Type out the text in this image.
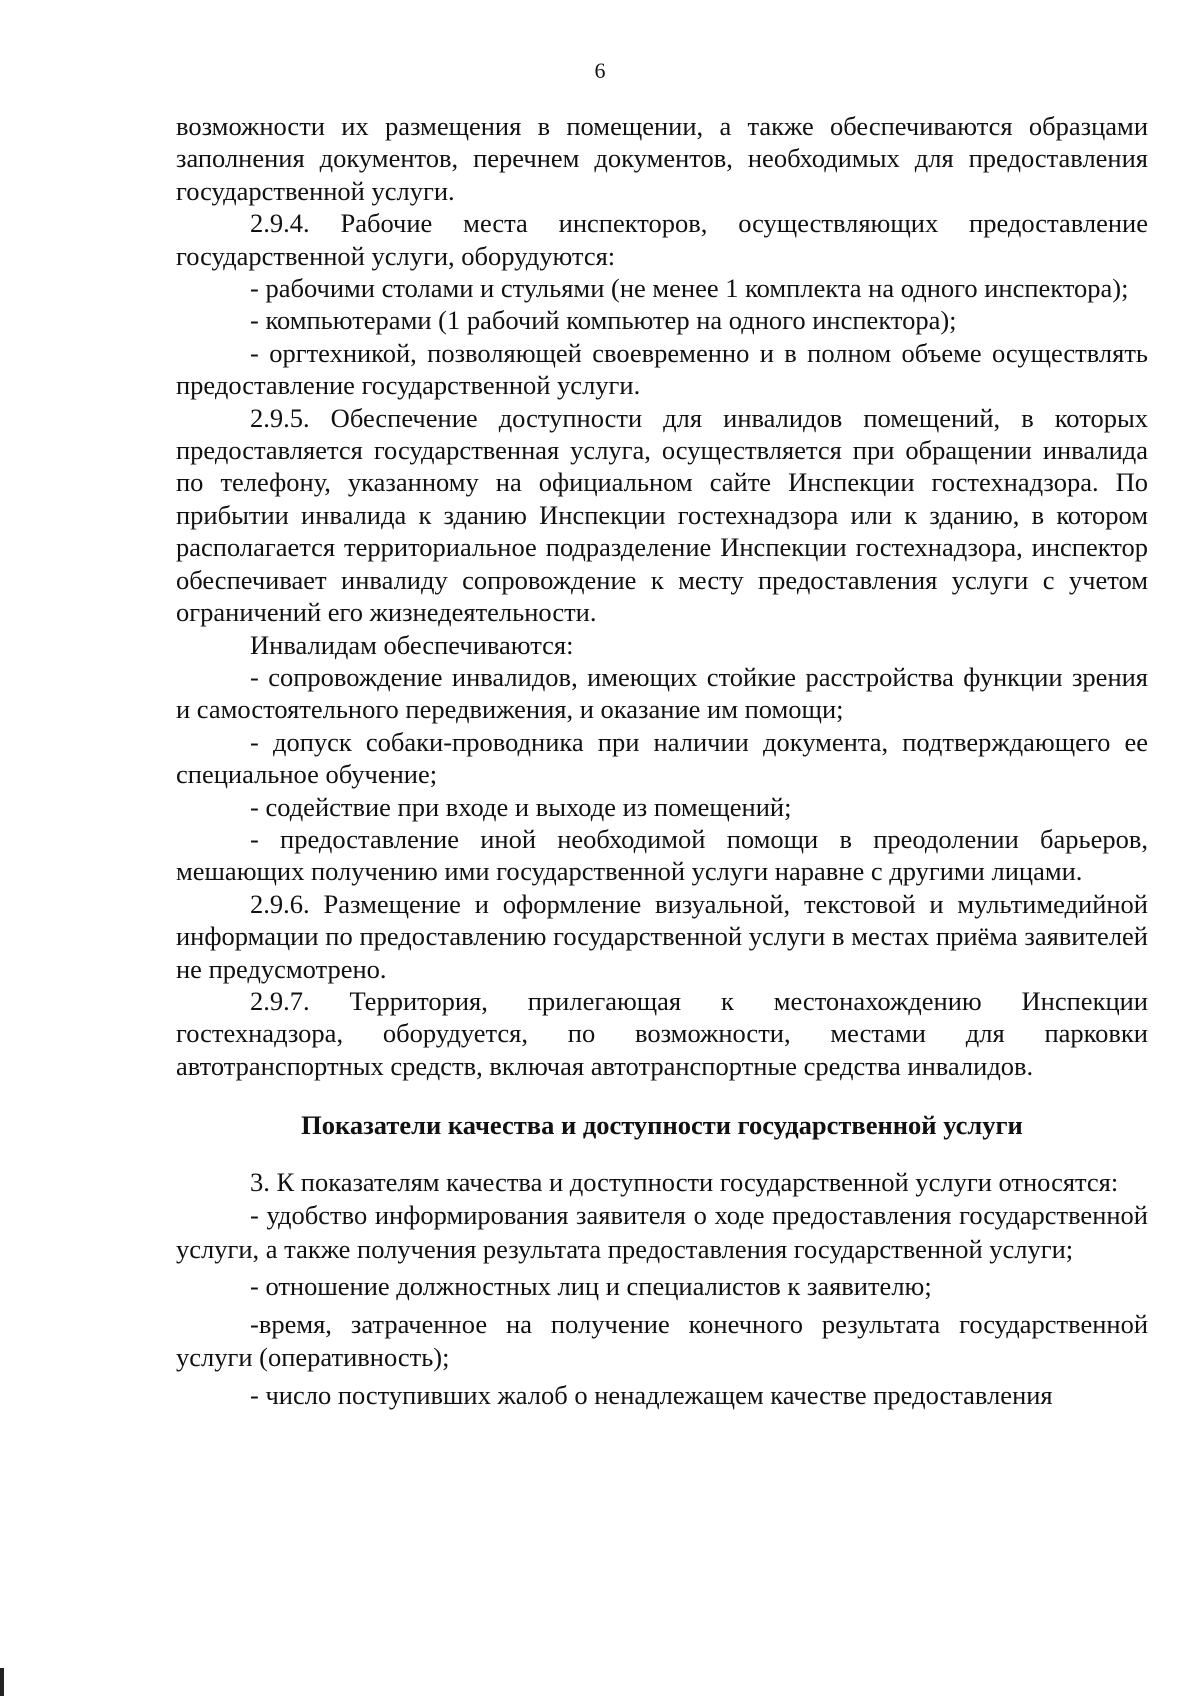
6

возможности их размещения в помещении, а также обеспечиваются образцами заполнения документов, перечнем документов, необходимых для предоставления государственной услуги.

2.9.4. Рабочие места инспекторов, осуществляющих предоставление государственной услуги, оборудуются:

- рабочими столами и стульями (не менее 1 комплекта на одного инспектора);

- компьютерами (1 рабочий компьютер на одного инспектора);

- оргтехникой, позволяющей своевременно и в полном объеме осуществлять предоставление государственной услуги.

2.9.5. Обеспечение доступности для инвалидов помещений, в которых предоставляется государственная услуга, осуществляется при обращении инвалида по телефону, указанному на официальном сайте Инспекции гостехнадзора. По прибытии инвалида к зданию Инспекции гостехнадзора или к зданию, в котором располагается территориальное подразделение Инспекции гостехнадзора, инспектор обеспечивает инвалиду сопровождение к месту предоставления услуги с учетом ограничений его жизнедеятельности.

Инвалидам обеспечиваются:

- сопровождение инвалидов, имеющих стойкие расстройства функции зрения и самостоятельного передвижения, и оказание им помощи;

- допуск собаки-проводника при наличии документа, подтверждающего ее специальное обучение;

- содействие при входе и выходе из помещений;

- предоставление иной необходимой помощи в преодолении барьеров, мешающих получению ими государственной услуги наравне с другими лицами.

2.9.6. Размещение и оформление визуальной, текстовой и мультимедийной информации по предоставлению государственной услуги в местах приёма заявителей не предусмотрено.

2.9.7. Территория, прилегающая к местонахождению Инспекции гостехнадзора, оборудуется, по возможности, местами для парковки автотранспортных средств, включая автотранспортные средства инвалидов.

Показатели качества и доступности государственной услуги

3. К показателям качества и доступности государственной услуги относятся:

- удобство информирования заявителя о ходе предоставления государственной услуги, а также получения результата предоставления государственной услуги;

- отношение должностных лиц и специалистов к заявителю;

-время, затраченное на получение конечного результата государственной услуги (оперативность);

- число поступивших жалоб о ненадлежащем качестве предоставления
